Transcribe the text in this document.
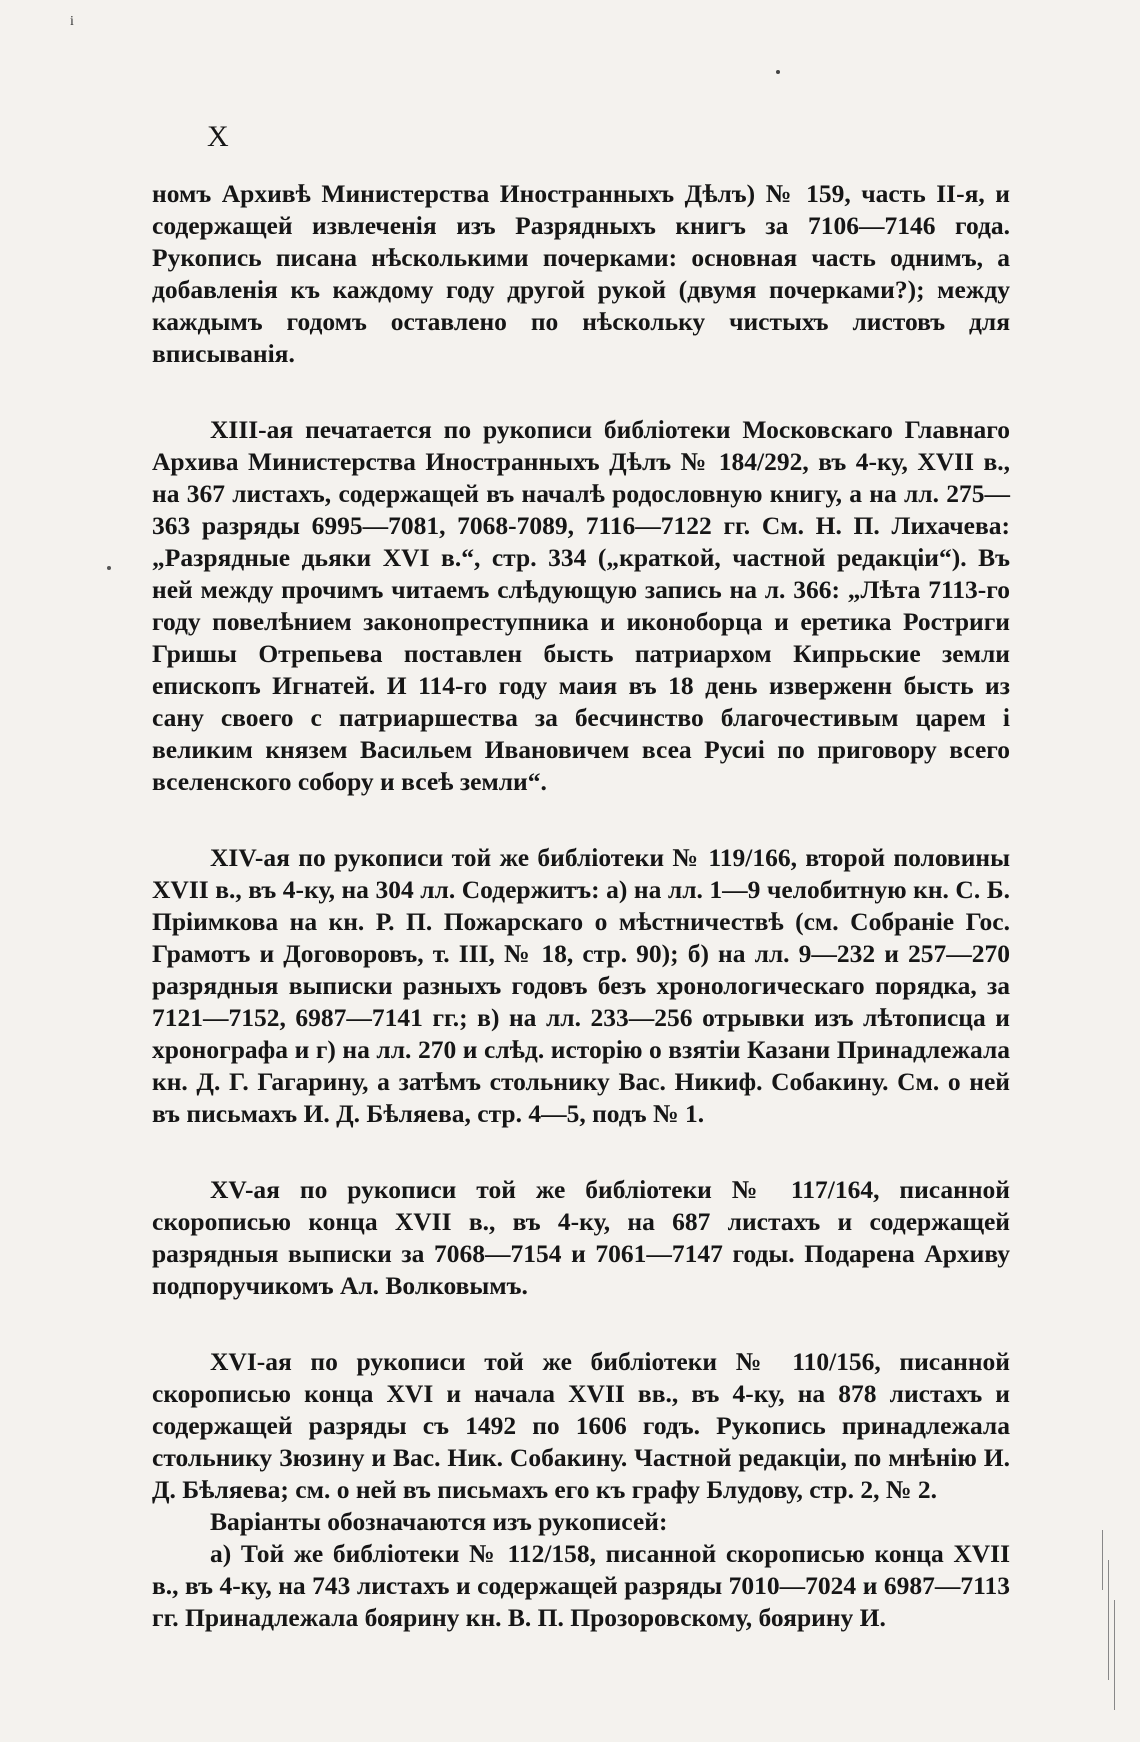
i
X

номъ Архивѣ Министерства Иностранныхъ Дѣлъ) № 159, часть II-я, и содержащей извлеченія изъ Разрядныхъ книгъ за 7106—7146 года. Рукопись писана нѣсколькими почерками: основная часть однимъ, а добавленія къ каждому году другой рукой (двумя почерками?); между каждымъ годомъ оставлено по нѣскольку чистыхъ листовъ для вписыванія.

XIII-ая печатается по рукописи библіотеки Московскаго Главнаго Архива Министерства Иностранныхъ Дѣлъ № 184/292, въ 4-ку, XVII в., на 367 листахъ, содержащей въ началѣ родословную книгу, а на лл. 275—363 разряды 6995—7081, 7068-7089, 7116—7122 гг. См. Н. П. Лихачева: „Разрядные дьяки XVI в.“, стр. 334 („краткой, частной редакціи“). Въ ней между прочимъ читаемъ слѣдующую запись на л. 366: „Лѣта 7113-го году повелѣнием законопреступника и иконоборца и еретика Ростриги Гришы Отрепьева поставлен бысть патриархом Кипрьскиe земли епископъ Игнатей. И 114-го году маия въ 18 день изверженн бысть из сану своего с патриаршества за бесчинство благочестивым царем і великим князем Васильем Ивановичем всеа Русиі по приговору всего вселенского собору и всеѣ земли“.

XIV-ая по рукописи той же библіотеки № 119/166, второй половины XVII в., въ 4-ку, на 304 лл. Содержитъ: а) на лл. 1—9 челобитную кн. С. Б. Пріимкова на кн. Р. П. Пожарскаго о мѣстничествѣ (см. Собраніе Гос. Грамотъ и Договоровъ, т. III, № 18, стр. 90); б) на лл. 9—232 и 257—270 разрядныя выписки разныхъ годовъ безъ хронологическаго порядка, за 7121—7152, 6987—7141 гг.; в) на лл. 233—256 отрывки изъ лѣтописца и хронографа и г) на лл. 270 и слѣд. исторію о взятіи Казани Принадлежала кн. Д. Г. Гагарину, а затѣмъ стольнику Вас. Никиф. Собакину. См. о ней въ письмахъ И. Д. Бѣляева, стр. 4—5, подъ № 1.

XV-ая по рукописи той же библіотеки № 117/164, писанной скорописью конца XVII в., въ 4-ку, на 687 листахъ и содержащей разрядныя выписки за 7068—7154 и 7061—7147 годы. Подарена Архиву подпоручикомъ Ал. Волковымъ.

XVI-ая по рукописи той же библіотеки № 110/156, писанной скорописью конца XVI и начала XVII вв., въ 4-ку, на 878 листахъ и содержащей разряды съ 1492 по 1606 годъ. Рукопись принадлежала стольнику Зюзину и Вас. Ник. Собакину. Частной редакціи, по мнѣнію И. Д. Бѣляева; см. о ней въ письмахъ его къ графу Блудову, стр. 2, № 2.

Варіанты обозначаются изъ рукописей:

а) Той же библіотеки № 112/158, писанной скорописью конца XVII в., въ 4-ку, на 743 листахъ и содержащей разряды 7010—7024 и 6987—7113 гг. Принадлежала боярину кн. В. П. Прозоровскому, боярину И.
